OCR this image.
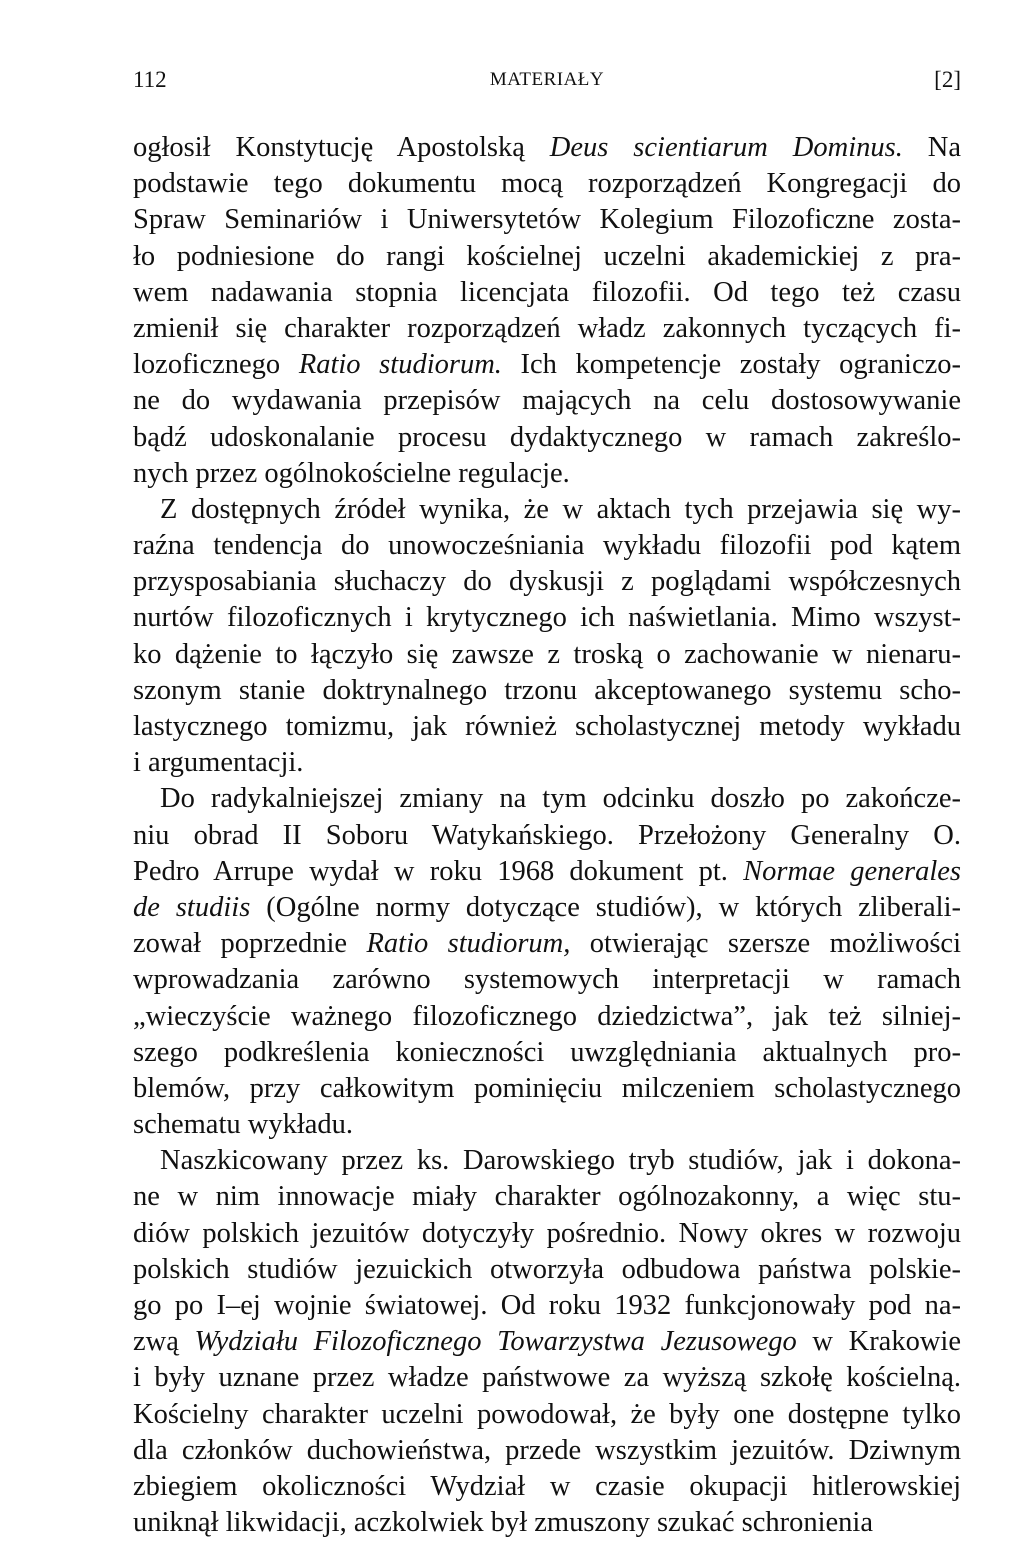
112	MATERIAŁY	[2]
ogłosił Konstytucję Apostolską Deus scientiarum Dominus. Na
podstawie tego dokumentu mocą rozporządzeń Kongregacji do
Spraw Seminariów i Uniwersytetów Kolegium Filozoficzne zosta-
ło podniesione do rangi kościelnej uczelni akademickiej z pra-
wem nadawania stopnia licencjata filozofii. Od tego też czasu
zmienił się charakter rozporządzeń władz zakonnych tyczących fi-
lozoficznego Ratio studiorum. Ich kompetencje zostały ograniczo-
ne do wydawania przepisów mających na celu dostosowywanie
bądź udoskonalanie procesu dydaktycznego w ramach zakreślo-
nych przez ogólnokościelne regulacje.
Z dostępnych źródeł wynika, że w aktach tych przejawia się wy-
raźna tendencja do unowocześniania wykładu filozofii pod kątem
przysposabiania słuchaczy do dyskusji z poglądami współczesnych
nurtów filozoficznych i krytycznego ich naświetlania. Mimo wszyst-
ko dążenie to łączyło się zawsze z troską o zachowanie w nienaru-
szonym stanie doktrynalnego trzonu akceptowanego systemu scho-
lastycznego tomizmu, jak również scholastycznej metody wykładu
i argumentacji.
Do radykalniejszej zmiany na tym odcinku doszło po zakończe-
niu obrad II Soboru Watykańskiego. Przełożony Generalny O.
Pedro Arrupe wydał w roku 1968 dokument pt. Normae generales
de studiis (Ogólne normy dotyczące studiów), w których zliberali-
zował poprzednie Ratio studiorum, otwierając szersze możliwości
wprowadzania zarówno systemowych interpretacji w ramach
„wieczyście ważnego filozoficznego dziedzictwa”, jak też silniej-
szego podkreślenia konieczności uwzględniania aktualnych pro-
blemów, przy całkowitym pominięciu milczeniem scholastycznego
schematu wykładu.
Naszkicowany przez ks. Darowskiego tryb studiów, jak i dokona-
ne w nim innowacje miały charakter ogólnozakonny, a więc stu-
diów polskich jezuitów dotyczyły pośrednio. Nowy okres w rozwoju
polskich studiów jezuickich otworzyła odbudowa państwa polskie-
go po I–ej wojnie światowej. Od roku 1932 funkcjonowały pod na-
zwą Wydziału Filozoficznego Towarzystwa Jezusowego w Krakowie
i były uznane przez władze państwowe za wyższą szkołę kościelną.
Kościelny charakter uczelni powodował, że były one dostępne tylko
dla członków duchowieństwa, przede wszystkim jezuitów. Dziwnym
zbiegiem okoliczności Wydział w czasie okupacji hitlerowskiej
uniknął likwidacji, aczkolwiek był zmuszony szukać schronienia
